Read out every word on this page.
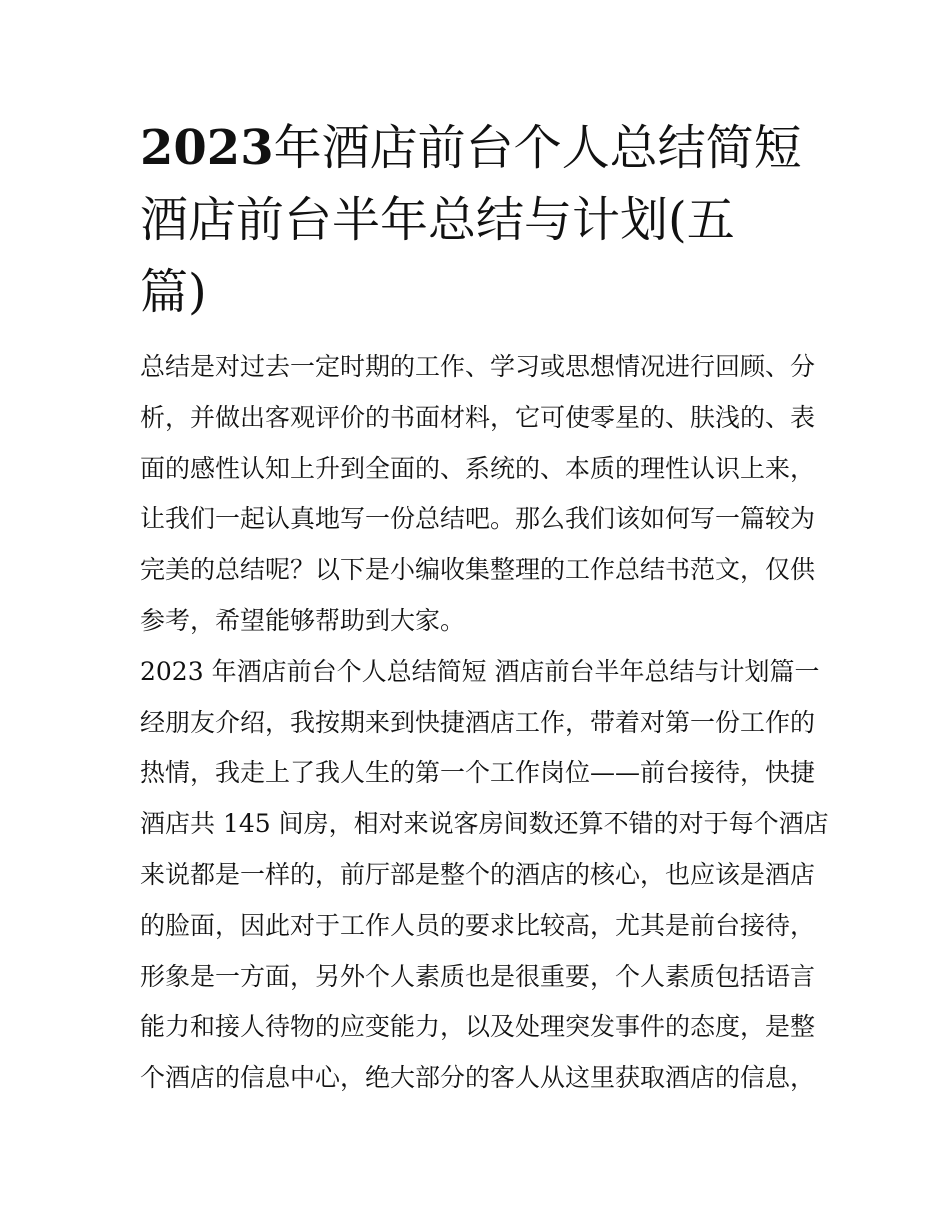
2023年酒店前台个人总结简短
酒店前台半年总结与计划(五
篇)
总结是对过去一定时期的工作、学习或思想情况进行回顾、分
析，并做出客观评价的书面材料，它可使零星的、肤浅的、表
面的感性认知上升到全面的、系统的、本质的理性认识上来，
让我们一起认真地写一份总结吧。那么我们该如何写一篇较为
完美的总结呢？以下是小编收集整理的工作总结书范文，仅供
参考，希望能够帮助到大家。
2023 年酒店前台个人总结简短 酒店前台半年总结与计划篇一
经朋友介绍，我按期来到快捷酒店工作，带着对第一份工作的
热情，我走上了我人生的第一个工作岗位——前台接待，快捷
酒店共 145 间房，相对来说客房间数还算不错的对于每个酒店
来说都是一样的，前厅部是整个的酒店的核心，也应该是酒店
的脸面，因此对于工作人员的要求比较高，尤其是前台接待，
形象是一方面，另外个人素质也是很重要，个人素质包括语言
能力和接人待物的应变能力，以及处理突发事件的态度，是整
个酒店的信息中心，绝大部分的客人从这里获取酒店的信息，
